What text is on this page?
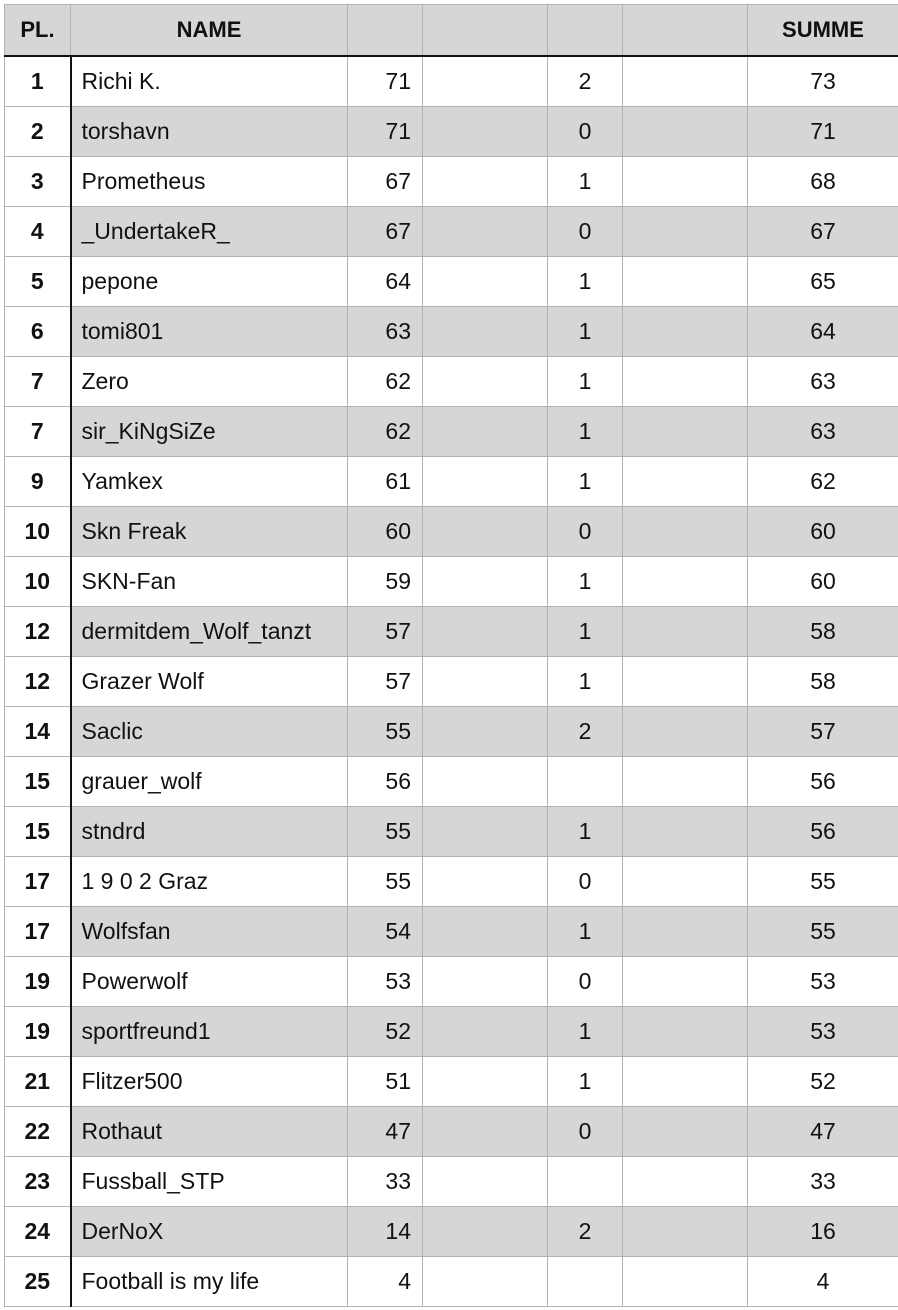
PL.	NAME					SUMME
1	Richi K.	71		2		73
2	torshavn	71		0		71
3	Prometheus	67		1		68
4	_UndertakeR_	67		0		67
5	pepone	64		1		65
6	tomi801	63		1		64
7	Zero	62		1		63
7	sir_KiNgSiZe	62		1		63
9	Yamkex	61		1		62
10	Skn Freak	60		0		60
10	SKN-Fan	59		1		60
12	dermitdem_Wolf_tanzt	57		1		58
12	Grazer Wolf	57		1		58
14	Saclic	55		2		57
15	grauer_wolf	56				56
15	stndrd	55		1		56
17	1 9 0 2 Graz	55		0		55
17	Wolfsfan	54		1		55
19	Powerwolf	53		0		53
19	sportfreund1	52		1		53
21	Flitzer500	51		1		52
22	Rothaut	47		0		47
23	Fussball_STP	33				33
24	DerNoX	14		2		16
25	Football is my life	4				4
